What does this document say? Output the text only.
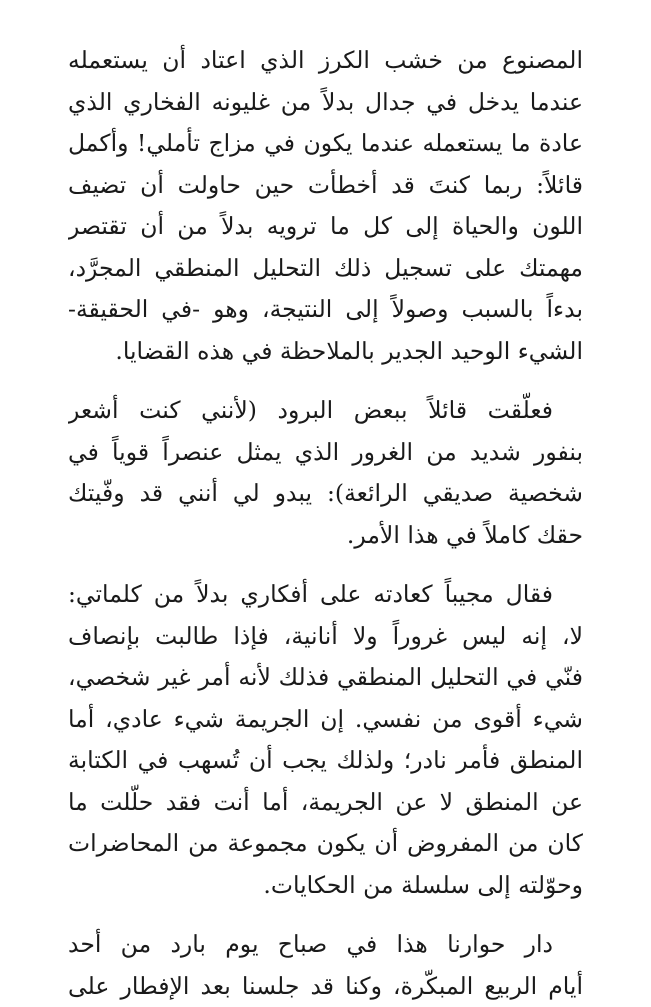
المصنوع من خشب الكرز الذي اعتاد أن يستعمله
عندما يدخل في جدال بدلاً من غليونه الفخاري الذي
عادة ما يستعمله عندما يكون في مزاج تأملي! وأكمل
قائلاً: ربما كنتَ قد أخطأت حين حاولت أن تضيف
اللون والحياة إلى كل ما ترويه بدلاً من أن تقتصر
مهمتك على تسجيل ذلك التحليل المنطقي المجرَّد،
بدءاً بالسبب وصولاً إلى النتيجة، وهو -في الحقيقة-
الشيء الوحيد الجدير بالملاحظة في هذه القضايا.
فعلّقت قائلاً ببعض البرود (لأنني كنت أشعر
بنفور شديد من الغرور الذي يمثل عنصراً قوياً في
شخصية صديقي الرائعة): يبدو لي أنني قد وفّيتك
حقك كاملاً في هذا الأمر.
فقال مجيباً كعادته على أفكاري بدلاً من كلماتي:
لا، إنه ليس غروراً ولا أنانية، فإذا طالبت بإنصاف
فنّي في التحليل المنطقي فذلك لأنه أمر غير شخصي،
شيء أقوى من نفسي. إن الجريمة شيء عادي، أما
المنطق فأمر نادر؛ ولذلك يجب أن تُسهب في الكتابة
عن المنطق لا عن الجريمة، أما أنت فقد حلّلت ما
كان من المفروض أن يكون مجموعة من المحاضرات
وحوّلته إلى سلسلة من الحكايات.
دار حوارنا هذا في صباح يوم بارد من أحد
أيام الربيع المبكّرة، وكنا قد جلسنا بعد الإفطار على
